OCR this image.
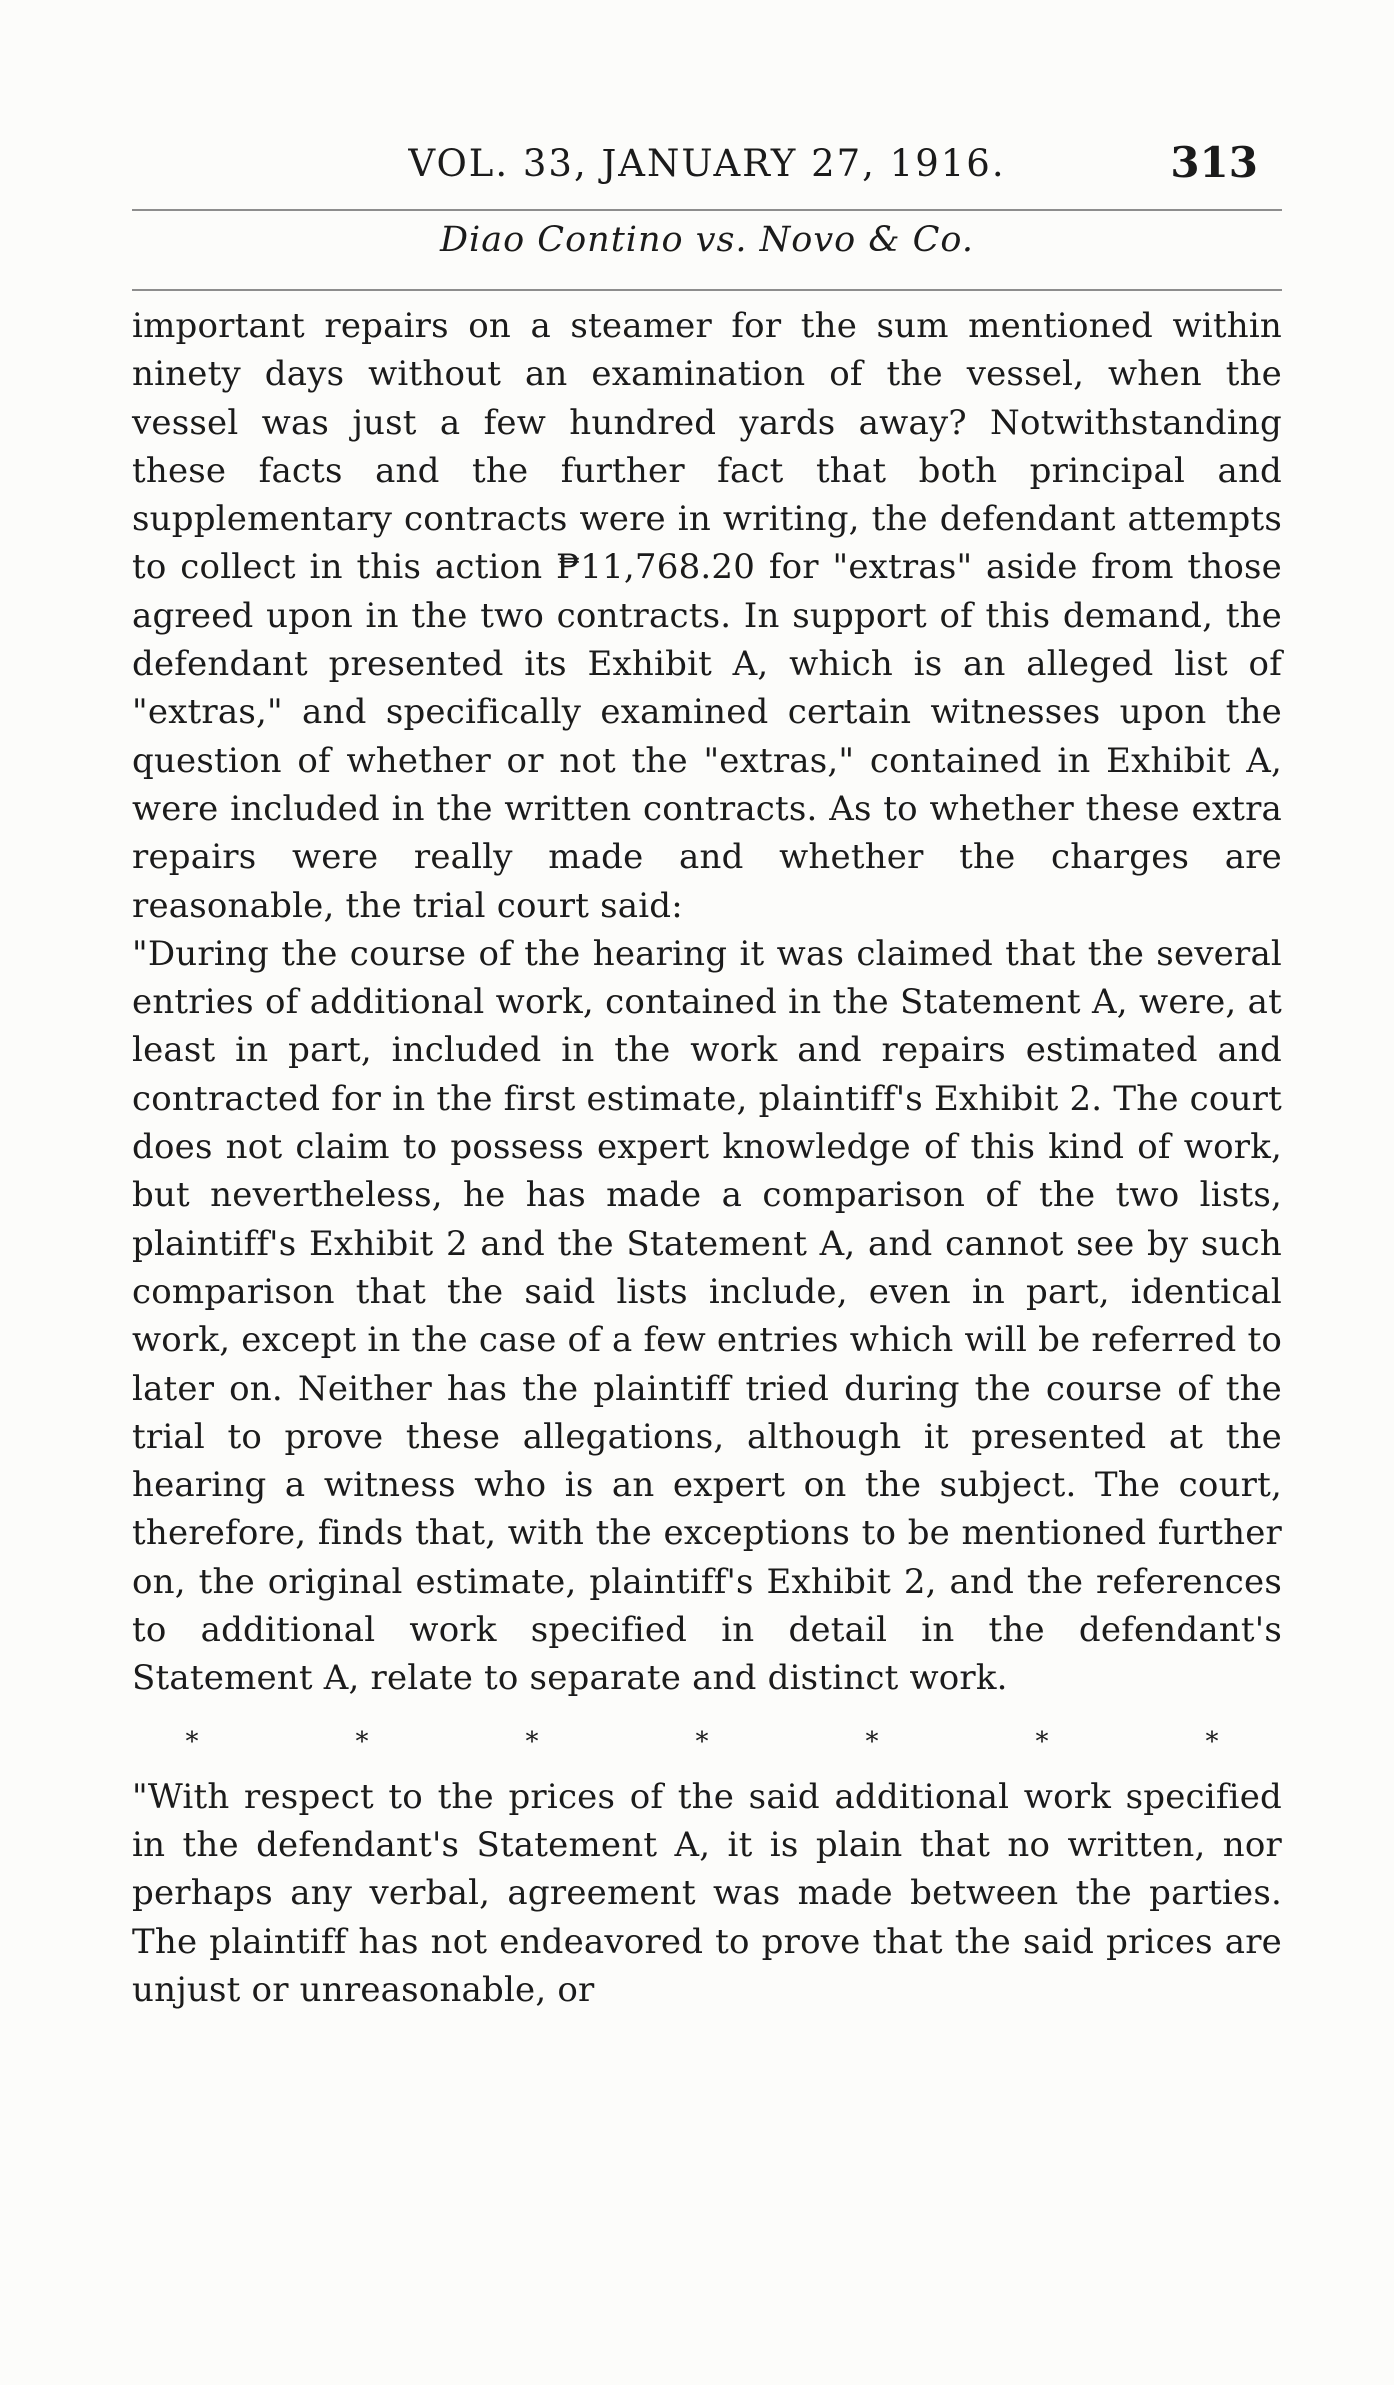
VOL. 33, JANUARY 27, 1916.	313
Diao Contino vs. Novo & Co.

important repairs on a steamer for the sum mentioned within ninety days without an examination of the vessel, when the vessel was just a few hundred yards away? Notwithstanding these facts and the further fact that both principal and supplementary contracts were in writing, the defendant attempts to collect in this action ₱11,768.20 for "extras" aside from those agreed upon in the two contracts. In support of this demand, the defendant presented its Exhibit A, which is an alleged list of "extras," and specifically examined certain witnesses upon the question of whether or not the "extras," contained in Exhibit A, were included in the written contracts. As to whether these extra repairs were really made and whether the charges are reasonable, the trial court said:

"During the course of the hearing it was claimed that the several entries of additional work, contained in the Statement A, were, at least in part, included in the work and repairs estimated and contracted for in the first estimate, plaintiff's Exhibit 2. The court does not claim to possess expert knowledge of this kind of work, but nevertheless, he has made a comparison of the two lists, plaintiff's Exhibit 2 and the Statement A, and cannot see by such comparison that the said lists include, even in part, identical work, except in the case of a few entries which will be referred to later on. Neither has the plaintiff tried during the course of the trial to prove these allegations, although it presented at the hearing a witness who is an expert on the subject. The court, therefore, finds that, with the exceptions to be mentioned further on, the original estimate, plaintiff's Exhibit 2, and the references to additional work specified in detail in the defendant's Statement A, relate to separate and distinct work.

*	*	*	*	*	*	*

"With respect to the prices of the said additional work specified in the defendant's Statement A, it is plain that no written, nor perhaps any verbal, agreement was made between the parties. The plaintiff has not endeavored to prove that the said prices are unjust or unreasonable, or
